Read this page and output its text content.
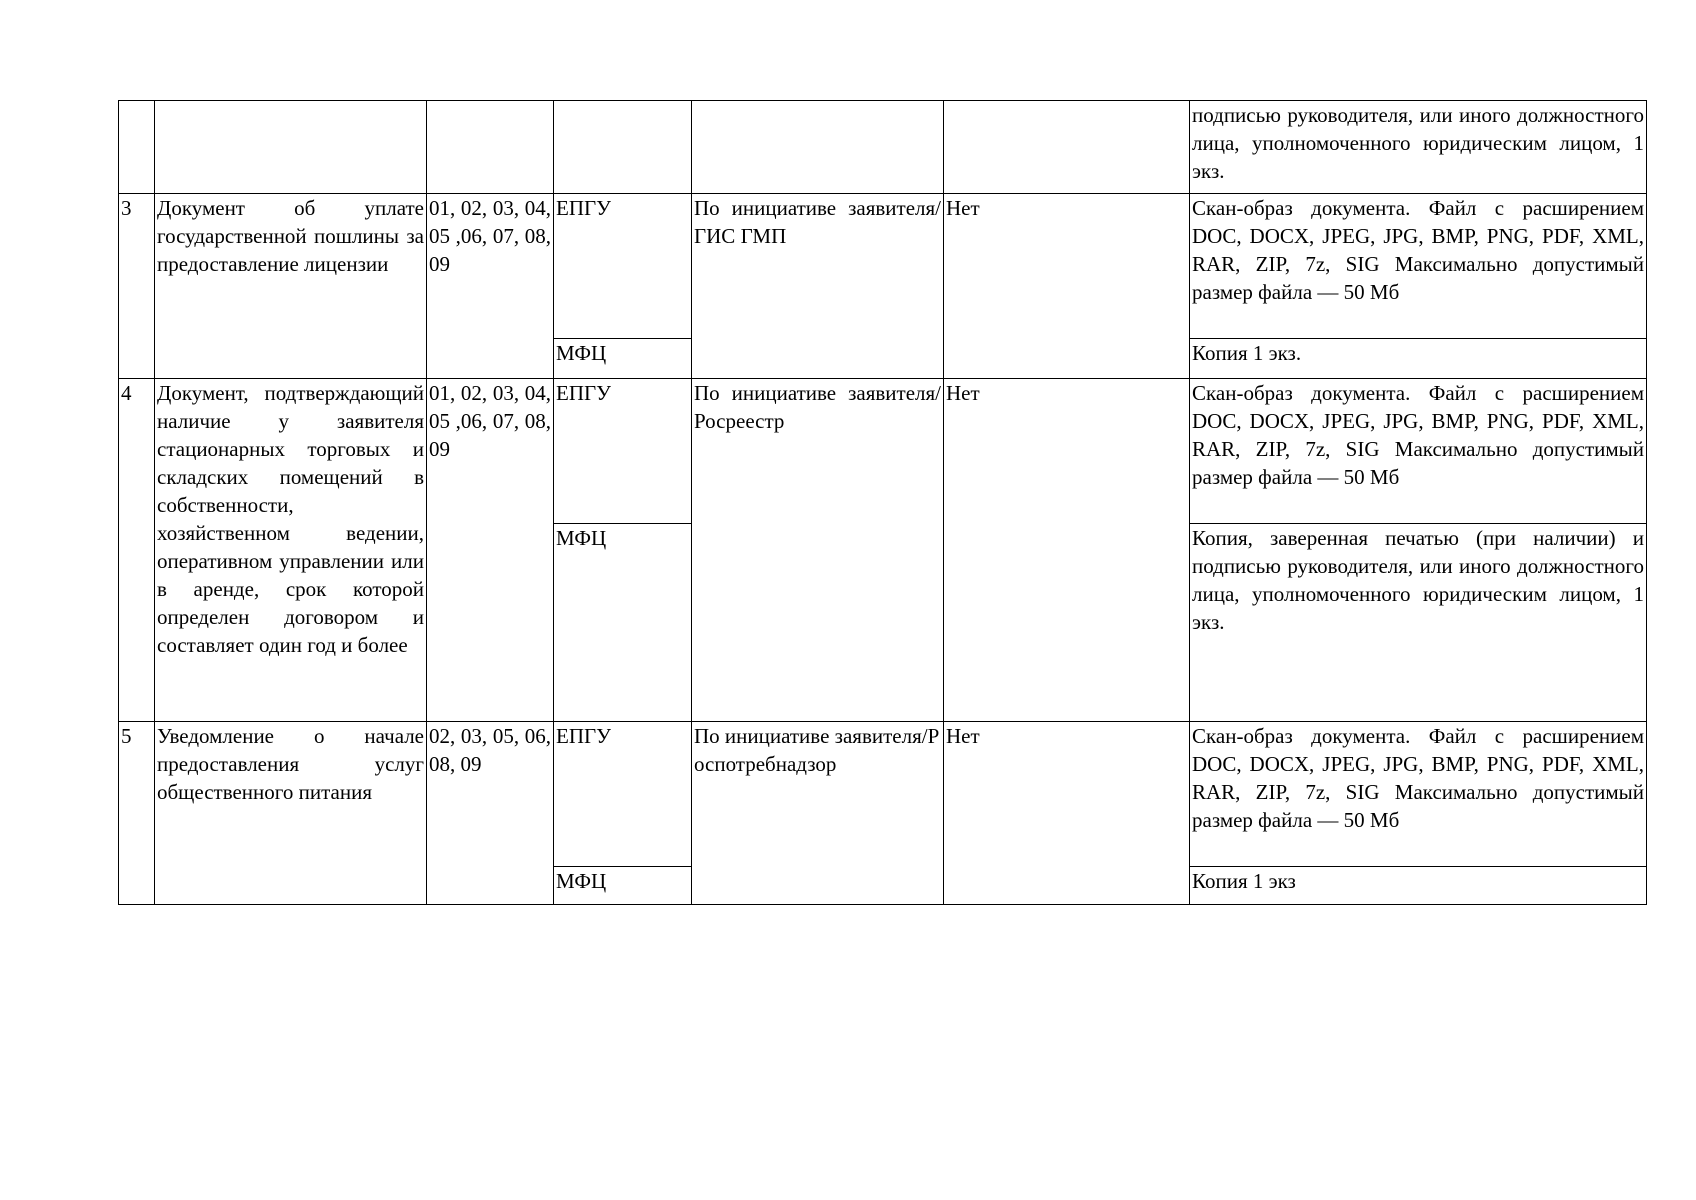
						подписью руководителя, или иного должностного лица, уполномоченного юридическим лицом, 1 экз.
3	Документ об уплате государственной пошлины за предоставление лицензии	01, 02, 03, 04, 05 ,06, 07, 08, 09	ЕПГУ	По инициативе заявителя/ГИС ГМП	Нет	Скан-образ документа. Файл с расширением DOC, DOCX, JPEG, JPG, BMP, PNG, PDF, XML, RAR, ZIP, 7z, SIG Максимально допустимый размер файла — 50 Мб
			МФЦ			Копия 1 экз.
4	Документ, подтверждающий наличие у заявителя стационарных торговых и складских помещений в собственности, хозяйственном ведении, оперативном управлении или в аренде, срок которой определен договором и составляет один год и более	01, 02, 03, 04, 05 ,06, 07, 08, 09	ЕПГУ	По инициативе заявителя/Росреестр	Нет	Скан-образ документа. Файл с расширением DOC, DOCX, JPEG, JPG, BMP, PNG, PDF, XML, RAR, ZIP, 7z, SIG Максимально допустимый размер файла — 50 Мб
			МФЦ			Копия, заверенная печатью (при наличии) и подписью руководителя, или иного должностного лица, уполномоченного юридическим лицом, 1 экз.
5	Уведомление о начале предоставления услуг общественного питания	02, 03, 05, 06, 08, 09	ЕПГУ	По инициативе заявителя/Роспотребнадзор	Нет	Скан-образ документа. Файл с расширением DOC, DOCX, JPEG, JPG, BMP, PNG, PDF, XML, RAR, ZIP, 7z, SIG Максимально допустимый размер файла — 50 Мб
			МФЦ			Копия 1 экз
